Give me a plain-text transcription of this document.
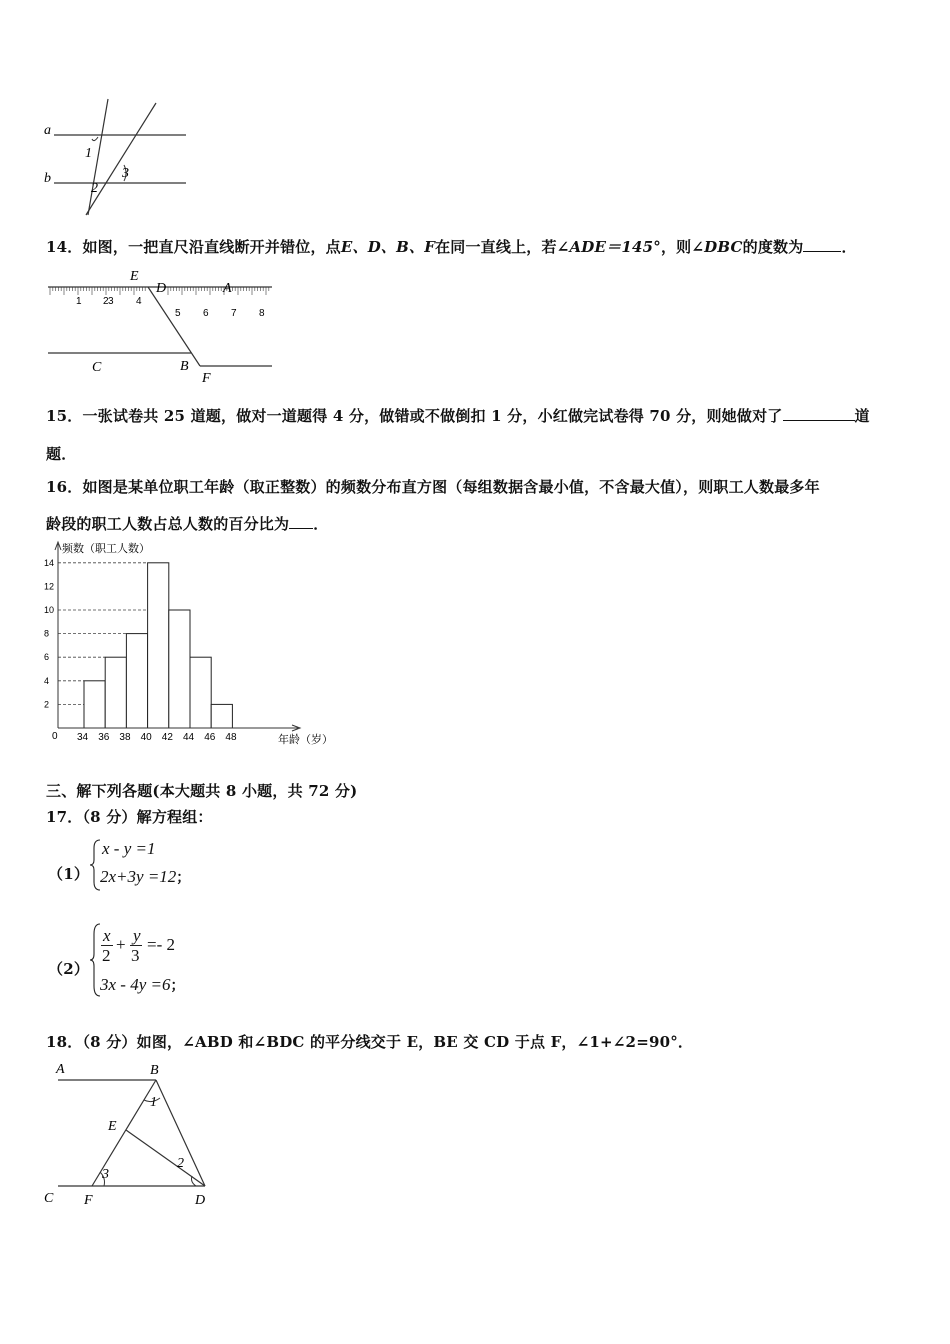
a
b
1
2
3
14．如图，一把直尺沿直线断开并错位，点E、D、B、F在同一直线上，若∠ADE＝145°，则∠DBC的度数为	．
1 2 3 4
5 6 7 8
E
D	A
C	B
F
15．一张试卷共 25 道题，做对一道题得 4 分，做错或不做倒扣 1 分，小红做完试卷得 70 分，则她做对了	道
题．
16．如图是某单位职工年龄（取正整数）的频数分布直方图（每组数据含最小值，不含最大值），则职工人数最多年
龄段的职工人数占总人数的百分比为 ．
2
4
6
8
10
12
14
34 36 38 40 42 44 46 48
频数（职工人数）
年龄（岁）
0
三、解下列各题(本大题共 8 小题，共 72 分)
17．（8 分）解方程组：
（1）
x - y =1
2x+3y =12；
（2）
x
2
+ y
3
=- 2
3x - 4y =6；
18．（8 分）如图，∠ABD 和∠BDC 的平分线交于 E，BE 交 CD 于点 F，∠1+∠2=90°．
A	B
1
E
2
3
C F	D
